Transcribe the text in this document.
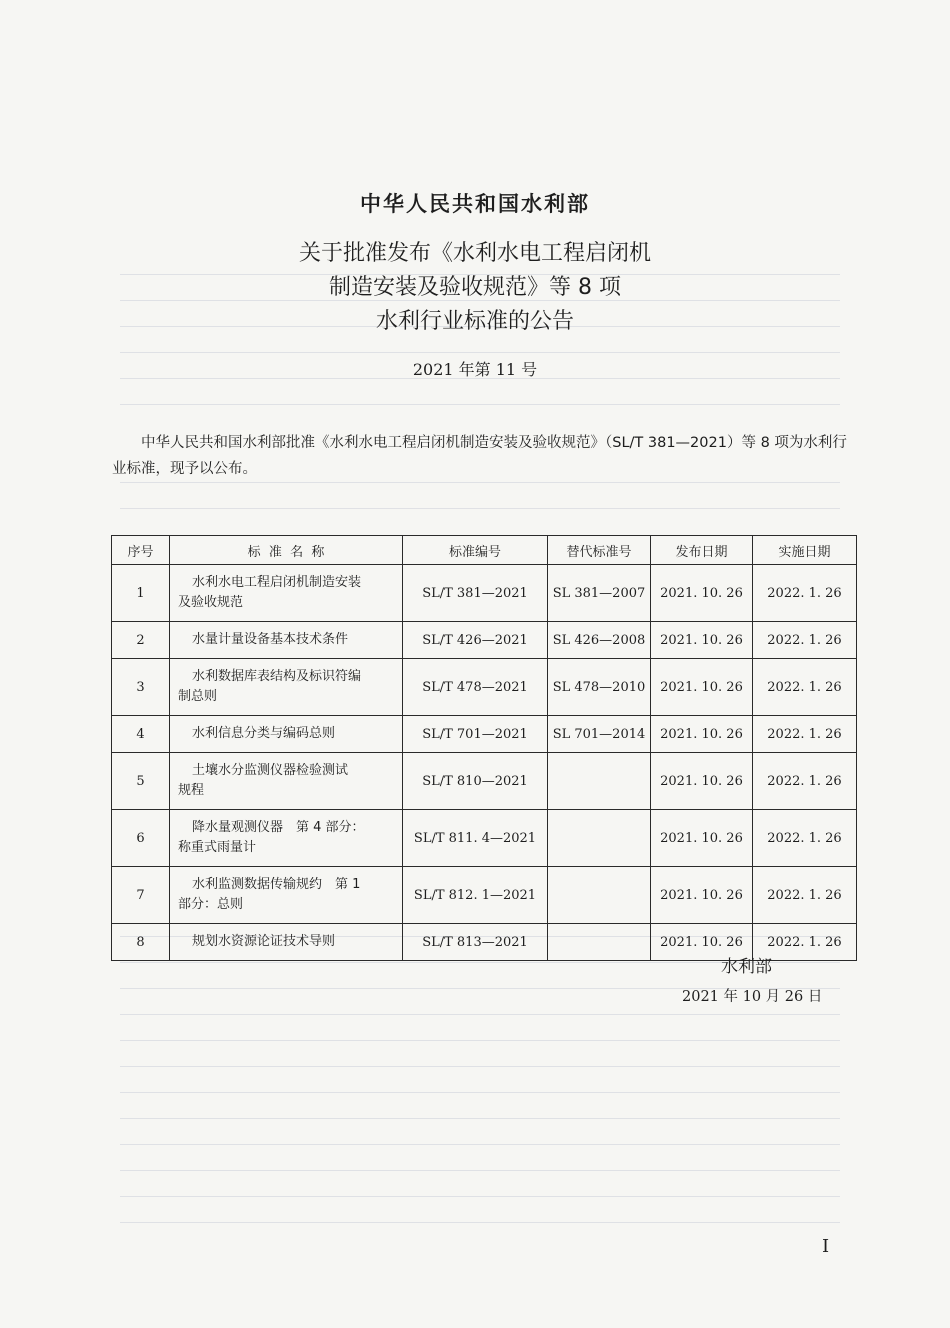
中华人民共和国水利部
关于批准发布《水利水电工程启闭机
制造安装及验收规范》等 8 项
水利行业标准的公告
2021 年第 11 号
中华人民共和国水利部批准《水利水电工程启闭机制造安装及验收规范》（SL/T 381—2021）等 8 项为水利行业标准，现予以公布。
序号	标  准  名  称	标准编号	替代标准号	发布日期	实施日期
1	水利水电工程启闭机制造安装
及验收规范	SL/T 381—2021	SL 381—2007	2021. 10. 26	2022. 1. 26
2	水量计量设备基本技术条件	SL/T 426—2021	SL 426—2008	2021. 10. 26	2022. 1. 26
3	水利数据库表结构及标识符编
制总则	SL/T 478—2021	SL 478—2010	2021. 10. 26	2022. 1. 26
4	水利信息分类与编码总则	SL/T 701—2021	SL 701—2014	2021. 10. 26	2022. 1. 26
5	土壤水分监测仪器检验测试
规程	SL/T 810—2021		2021. 10. 26	2022. 1. 26
6	降水量观测仪器　第 4 部分：
称重式雨量计	SL/T 811. 4—2021		2021. 10. 26	2022. 1. 26
7	水利监测数据传输规约　第 1
部分：总则	SL/T 812. 1—2021		2021. 10. 26	2022. 1. 26
8	规划水资源论证技术导则	SL/T 813—2021		2021. 10. 26	2022. 1. 26
水利部
2021 年 10 月 26 日
I
